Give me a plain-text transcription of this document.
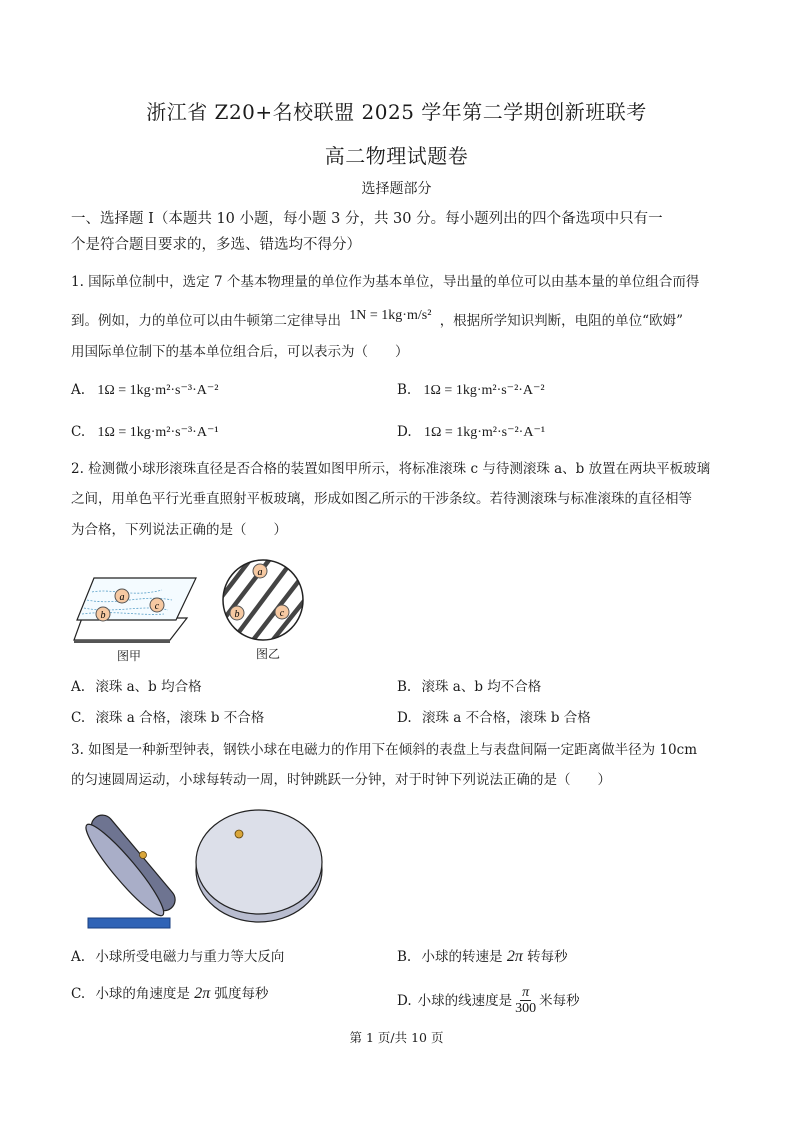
浙江省 Z20+名校联盟 2025 学年第二学期创新班联考
高二物理试题卷
选择题部分
一、选择题 I（本题共 10 小题，每小题 3 分，共 30 分。每小题列出的四个备选项中只有一
个是符合题目要求的，多选、错选均不得分）
1. 国际单位制中，选定 7 个基本物理量的单位作为基本单位，导出量的单位可以由基本量的单位组合而得
到。例如，力的单位可以由牛顿第二定律导出 1N = 1kg·m/s² ，根据所学知识判断，电阻的单位“欧姆”
用国际单位制下的基本单位组合后，可以表示为（　　）
A. 1Ω = 1kg·m²·s⁻³·A⁻²	B. 1Ω = 1kg·m²·s⁻²·A⁻²
C. 1Ω = 1kg·m²·s⁻³·A⁻¹	D. 1Ω = 1kg·m²·s⁻²·A⁻¹
2. 检测微小球形滚珠直径是否合格的装置如图甲所示，将标准滚珠 c 与待测滚珠 a、b 放置在两块平板玻璃
之间，用单色平行光垂直照射平板玻璃，形成如图乙所示的干涉条纹。若待测滚珠与标准滚珠的直径相等
为合格，下列说法正确的是（　　）
a
c
b
图甲
a
b	c
图乙
A. 滚珠 a、b 均合格	B. 滚珠 a、b 均不合格
C. 滚珠 a 合格，滚珠 b 不合格	D. 滚珠 a 不合格，滚珠 b 合格
3. 如图是一种新型钟表，钢铁小球在电磁力的作用下在倾斜的表盘上与表盘间隔一定距离做半径为 10cm
的匀速圆周运动，小球每转动一周，时钟跳跃一分钟，对于时钟下列说法正确的是（　　）
A. 小球所受电磁力与重力等大反向	B. 小球的转速是 2π 转每秒
C. 小球的角速度是 2π 弧度每秒	D. 小球的线速度是 $\frac{\pi}{300}$ 米每秒
第 1 页/共 10 页
